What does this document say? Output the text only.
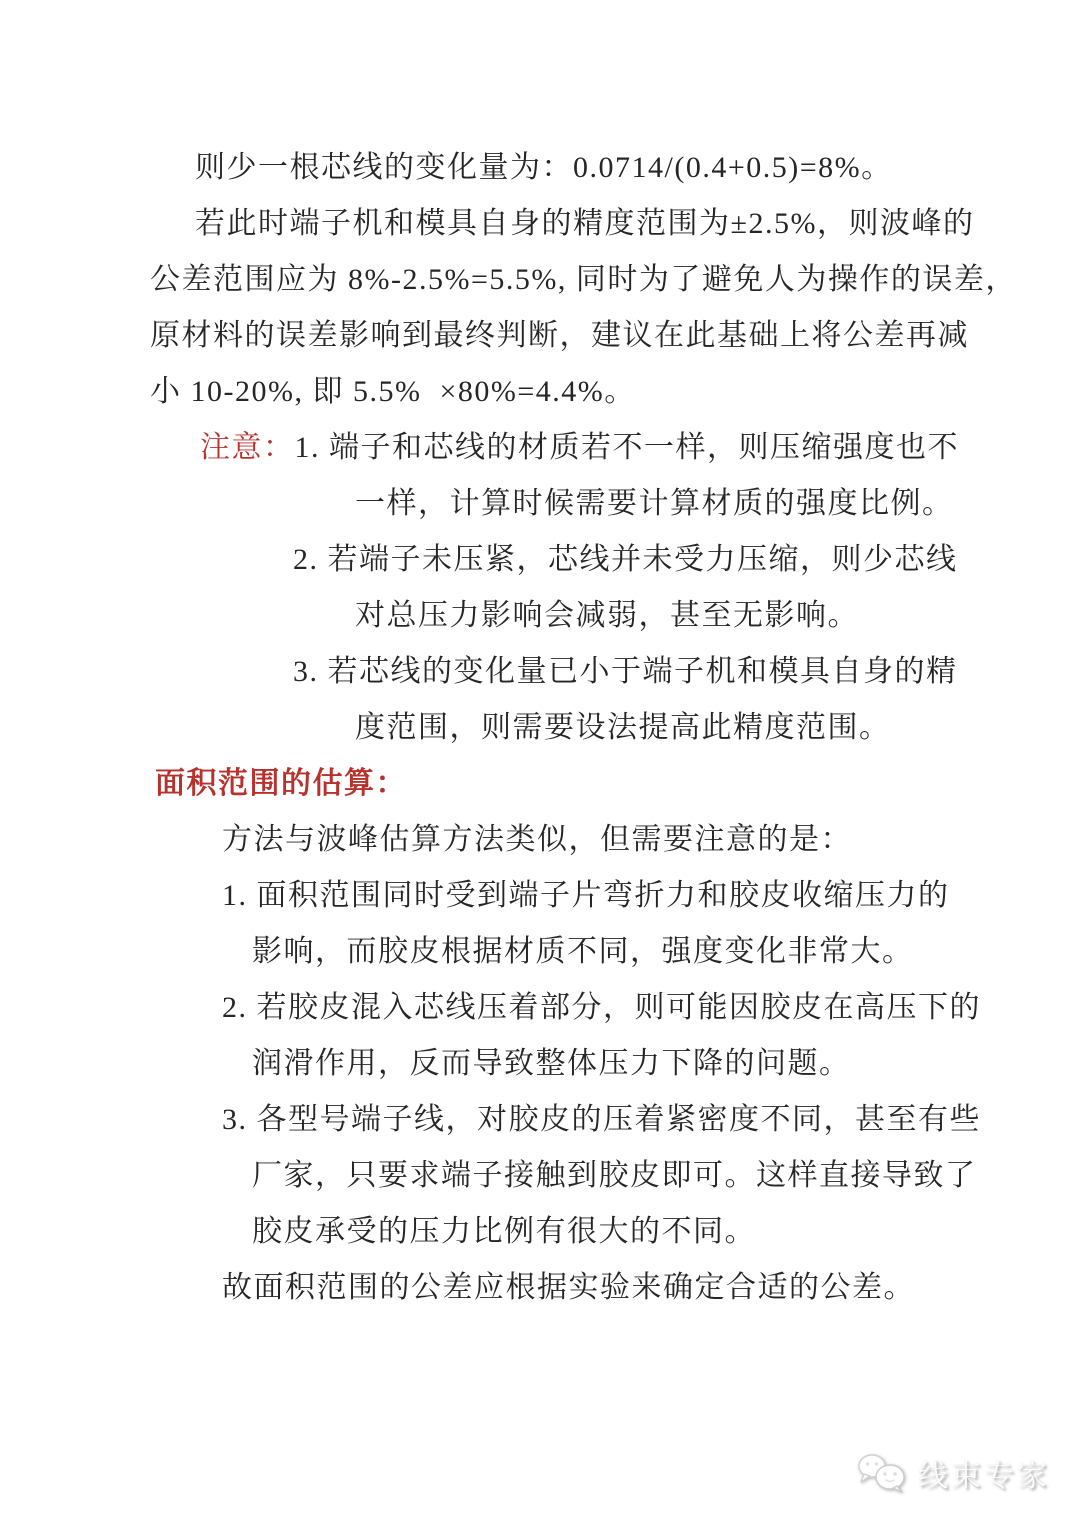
则少一根芯线的变化量为：0.0714/(0.4+0.5)=8%。
若此时端子机和模具自身的精度范围为±2.5%，则波峰的
公差范围应为 8%-2.5%=5.5%, 同时为了避免人为操作的误差，
原材料的误差影响到最终判断，建议在此基础上将公差再减
小 10-20%, 即 5.5%  ×80%=4.4%。
注意：1. 端子和芯线的材质若不一样，则压缩强度也不
一样，计算时候需要计算材质的强度比例。
2. 若端子未压紧，芯线并未受力压缩，则少芯线
对总压力影响会减弱，甚至无影响。
3. 若芯线的变化量已小于端子机和模具自身的精
度范围，则需要设法提高此精度范围。
面积范围的估算：
方法与波峰估算方法类似，但需要注意的是：
1. 面积范围同时受到端子片弯折力和胶皮收缩压力的
影响，而胶皮根据材质不同，强度变化非常大。
2. 若胶皮混入芯线压着部分，则可能因胶皮在高压下的
润滑作用，反而导致整体压力下降的问题。
3. 各型号端子线，对胶皮的压着紧密度不同，甚至有些
厂家，只要求端子接触到胶皮即可。这样直接导致了
胶皮承受的压力比例有很大的不同。
故面积范围的公差应根据实验来确定合适的公差。
线束专家
